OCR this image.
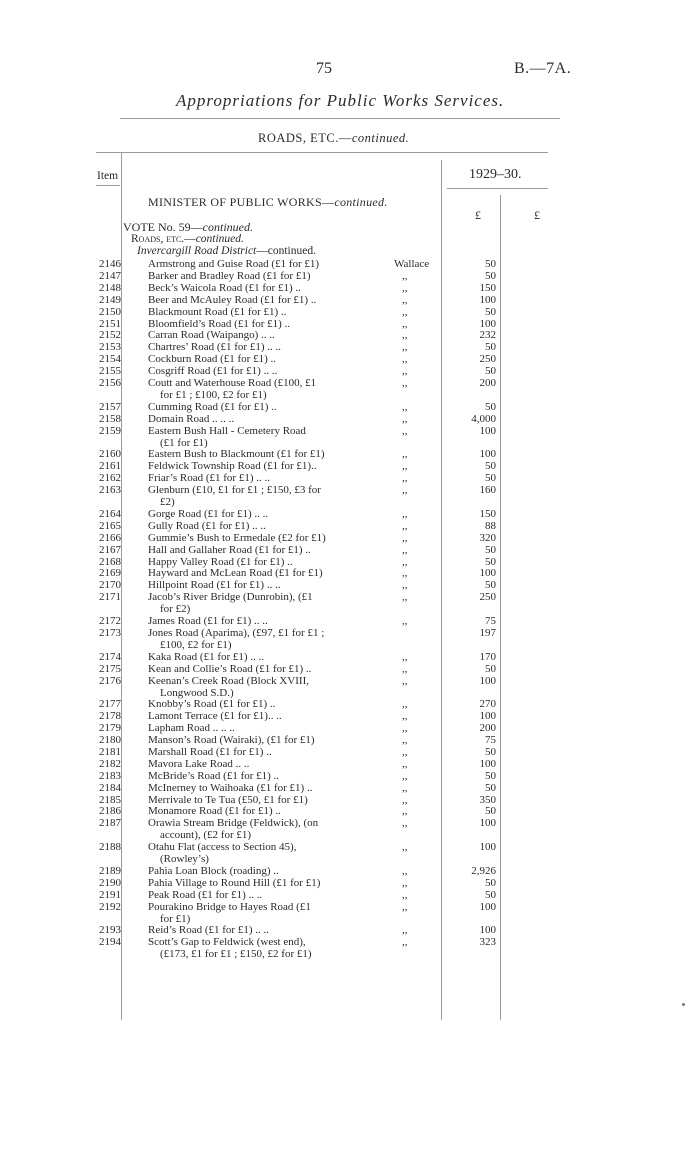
75	B.—7A.
Appropriations for Public Works Services.
ROADS, ETC.—continued.
Item	1929–30.
MINISTER OF PUBLIC WORKS—continued.
£	£
VOTE No. 59—continued.
Roads, etc.—continued.
Invercargill Road District—continued.
2146 Armstrong and Guise Road (£1 for £1)	Wallace	50
2147 Barker and Bradley Road (£1 for £1)	,,	50
2148 Beck’s Waicola Road (£1 for £1) ..	,,	150
2149 Beer and McAuley Road (£1 for £1) ..	,,	100
2150 Blackmount Road (£1 for £1) ..	,,	50
2151 Bloomfield’s Road (£1 for £1) ..	,,	100
2152 Carran Road (Waipango) .. ..	,,	232
2153 Chartres’ Road (£1 for £1) .. ..	,,	50
2154 Cockburn Road (£1 for £1) ..	,,	250
2155 Cosgriff Road (£1 for £1) .. ..	,,	50
2156 Coutt and Waterhouse Road (£100, £1
for £1 ; £100, £2 for £1)
,,	200
2157 Cumming Road (£1 for £1) ..	,,	50
2158 Domain Road .. .. ..	,,	4,000
2159 Eastern Bush Hall - Cemetery Road
(£1 for £1)
,,	100
2160 Eastern Bush to Blackmount (£1 for £1)	,,	100
2161 Feldwick Township Road (£1 for £1)..	,,	50
2162 Friar’s Road (£1 for £1) .. ..	,,	50
2163 Glenburn (£10, £1 for £1 ; £150, £3 for
£2)
,,	160
2164 Gorge Road (£1 for £1) .. ..	,,	150
2165 Gully Road (£1 for £1) .. ..	,,	88
2166 Gummie’s Bush to Ermedale (£2 for £1)	,,	320
2167 Hall and Gallaher Road (£1 for £1) ..	,,	50
2168 Happy Valley Road (£1 for £1) ..	,,	50
2169 Hayward and McLean Road (£1 for £1)	,,	100
2170 Hillpoint Road (£1 for £1) .. ..	,,	50
2171 Jacob’s River Bridge (Dunrobin), (£1
for £2)
,,	250
2172 James Road (£1 for £1) .. ..	,,	75
2173 Jones Road (Aparima), (£97, £1 for £1 ;
£100, £2 for £1)
197
2174 Kaka Road (£1 for £1) .. ..	,,	170
2175 Kean and Collie’s Road (£1 for £1) ..	,,	50
2176 Keenan’s Creek Road (Block XVIII,
Longwood S.D.)
,,	100
2177 Knobby’s Road (£1 for £1) ..	,,	270
2178 Lamont Terrace (£1 for £1).. ..	,,	100
2179 Lapham Road .. .. ..	,,	200
2180 Manson’s Road (Wairaki), (£1 for £1)	,,	75
2181 Marshall Road (£1 for £1) ..	,,	50
2182 Mavora Lake Road .. ..	,,	100
2183 McBride’s Road (£1 for £1) ..	,,	50
2184 McInerney to Waihoaka (£1 for £1) ..	,,	50
2185 Merrivale to Te Tua (£50, £1 for £1)	,,	350
2186 Monamore Road (£1 for £1) ..	,,	50
2187 Orawia Stream Bridge (Feldwick), (on
account), (£2 for £1)
,,	100
2188 Otahu Flat (access to Section 45),
(Rowley’s)
,,	100
2189 Pahia Loan Block (roading) ..	,,	2,926
2190 Pahia Village to Round Hill (£1 for £1)	,,	50
2191 Peak Road (£1 for £1) .. ..	,,	50
2192 Pourakino Bridge to Hayes Road (£1
for £1)
,,	100
2193 Reid’s Road (£1 for £1) .. ..	,,	100
2194 Scott’s Gap to Feldwick (west end),
(£173, £1 for £1 ; £150, £2 for £1)
,,	323
